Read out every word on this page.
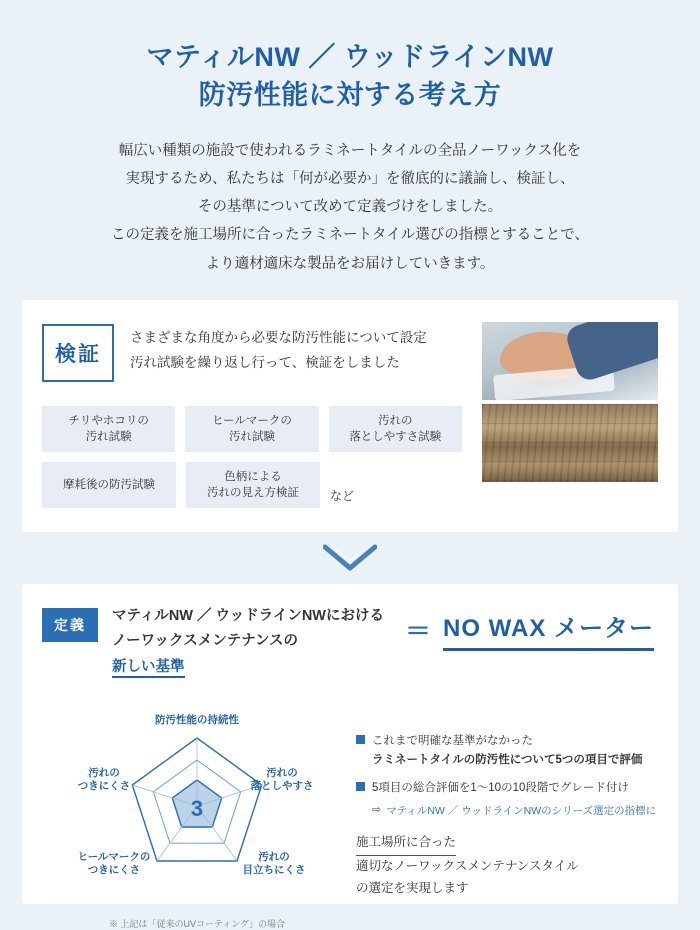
マティルNW ／ ウッドラインNW
防汚性能に対する考え方

幅広い種類の施設で使われるラミネートタイルの全品ノーワックス化を
実現するため、私たちは「何が必要か」を徹底的に議論し、検証し、
その基準について改めて定義づけをしました。
この定義を施工場所に合ったラミネートタイル選びの指標とすることで、
より適材適床な製品をお届けしていきます。

検証
さまざまな角度から必要な防汚性能について設定
汚れ試験を繰り返し行って、検証をしました
チリやホコリの
汚れ試験
ヒールマークの
汚れ試験
汚れの
落としやすさ試験
摩耗後の防汚試験
色柄による
汚れの見え方検証	など
定義
マティルNW ／ ウッドラインNWにおける
ノーワックスメンテナンスの
新しい基準
＝ NO WAX メーター
3
防汚性能の持続性
汚れの
落としやすさ
汚れの
目立ちにくさ
ヒールマークの
つきにくさ
汚れの
つきにくさ
※ 上記は「従来のUVコーティング」の場合
これまで明確な基準がなかった
ラミネートタイルの防汚性について5つの項目で評価
5項目の総合評価を1〜10の10段階でグレード付け
⇨ マティルNW ／ ウッドラインNWのシリーズ選定の指標に
施工場所に合った
適切なノーワックスメンテナンスタイル
の選定を実現します
